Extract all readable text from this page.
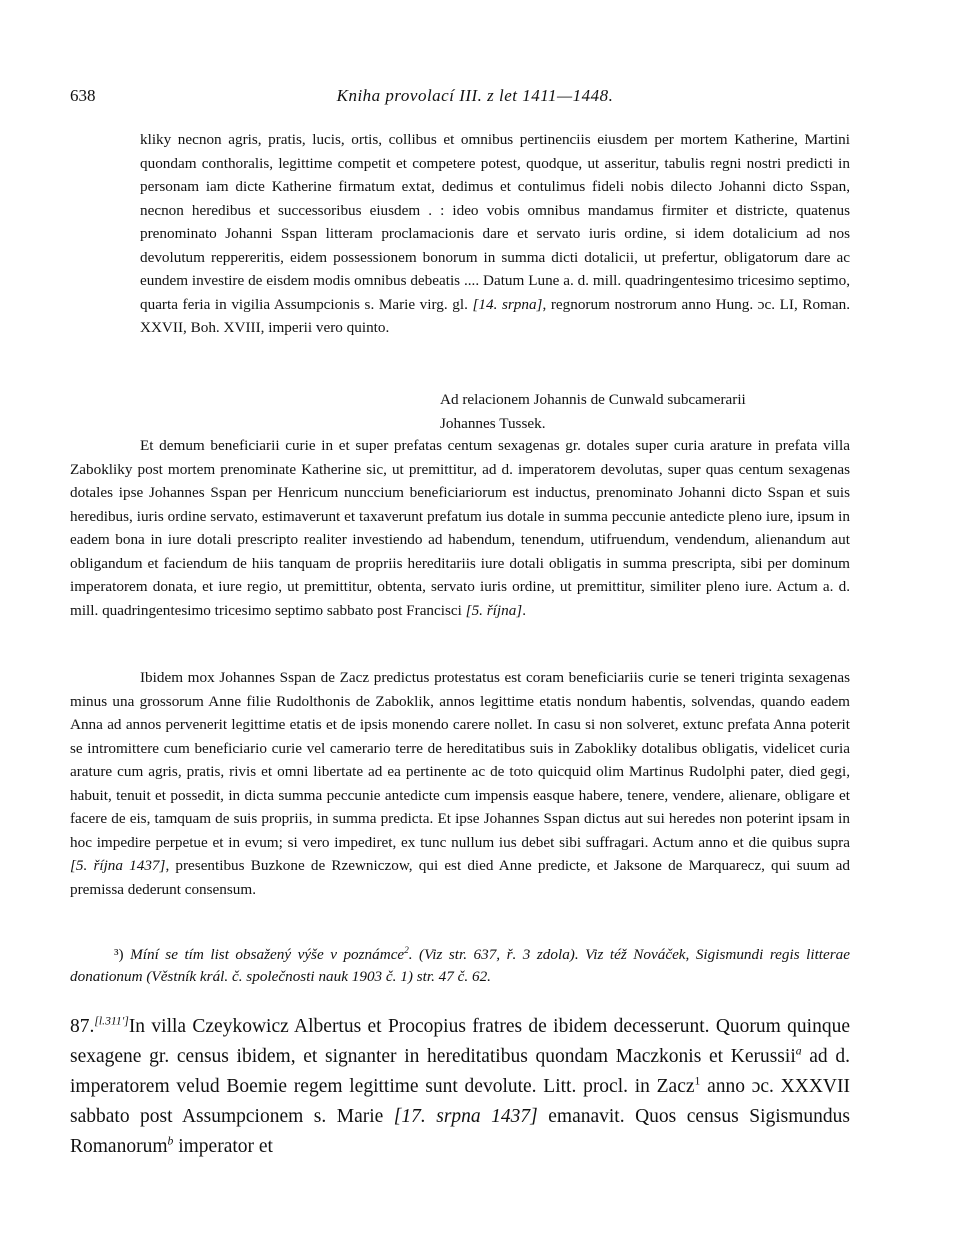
638	Kniha provolací III. z let 1411—1448.
kliky necnon agris, pratis, lucis, ortis, collibus et omnibus pertinenciis eiusdem per mortem Katherine, Martini quondam conthoralis, legittime competit et competere potest, quodque, ut asseritur, tabulis regni nostri predicti in personam iam dicte Katherine firmatum extat, dedimus et contulimus fideli nobis dilecto Johanni dicto Sspan, necnon heredibus et successoribus eiusdem . : ideo vobis omnibus mandamus firmiter et districte, quatenus prenominato Johanni Sspan litteram proclamacionis dare et servato iuris ordine, si idem dotalicium ad nos devolutum reppereritis, eidem possessionem bonorum in summa dicti dotalicii, ut prefertur, obligatorum dare ac eundem investire de eisdem modis omnibus debeatis .... Datum Lune a. d. mill. quadringentesimo tricesimo septimo, quarta feria in vigilia Assumpcionis s. Marie virg. gl. [14. srpna], regnorum nostrorum anno Hung. ɔc. LI, Roman. XXVII, Boh. XVIII, imperii vero quinto.
Ad relacionem Johannis de Cunwald subcamerarii
Johannes Tussek.
Et demum beneficiarii curie in et super prefatas centum sexagenas gr. dotales super curia arature in prefata villa Zabokliky post mortem prenominate Katherine sic, ut premittitur, ad d. imperatorem devolutas, super quas centum sexagenas dotales ipse Johannes Sspan per Henricum nunccium beneficiariorum est inductus, prenominato Johanni dicto Sspan et suis heredibus, iuris ordine servato, estimaverunt et taxaverunt prefatum ius dotale in summa peccunie antedicte pleno iure, ipsum in eadem bona in iure dotali prescripto realiter investiendo ad habendum, tenendum, utifruendum, vendendum, alienandum aut obligandum et faciendum de hiis tanquam de propriis hereditariis iure dotali obligatis in summa prescripta, sibi per dominum imperatorem donata, et iure regio, ut premittitur, obtenta, servato iuris ordine, ut premittitur, similiter pleno iure. Actum a. d. mill. quadringentesimo tricesimo septimo sabbato post Francisci [5. října].
Ibidem mox Johannes Sspan de Zacz predictus protestatus est coram beneficiariis curie se teneri triginta sexagenas minus una grossorum Anne filie Rudolthonis de Zaboklik, annos legittime etatis nondum habentis, solvendas, quando eadem Anna ad annos pervenerit legittime etatis et de ipsis monendo carere nollet. In casu si non solveret, extunc prefata Anna poterit se intromittere cum beneficiario curie vel camerario terre de hereditatibus suis in Zaboklikу dotalibus obligatis, videlicet curia arature cum agris, pratis, rivis et omni libertate ad ea pertinente ac de toto quicquid olim Martinus Rudolphi pater, died gegi, habuit, tenuit et possedit, in dicta summa peccunie antedicte cum impensis easque habere, tenere, vendere, alienare, obligare et facere de eis, tamquam de suis propriis, in summa predicta. Et ipse Johannes Sspan dictus aut sui heredes non poterint ipsam in hoc impedire perpetue et in evum; si vero impediret, ex tunc nullum ius debet sibi suffragari. Actum anno et die quibus supra [5. října 1437], presentibus Buzkone de Rzewniczow, qui est died Anne predicte, et Jaksone de Marquarecz, qui suum ad premissa dederunt consensum.
³) Míní se tím list obsažený výše v poznámce$^2$. (Viz str. 637, ř. 3 zdola). Viz též Nováček, Sigismundi regis litterae donationum (Věstník král. č. společnosti nauk 1903 č. 1) str. 47 č. 62.
87.[l.311']In villa Czeykowicz Albertus et Procopius fratres de ibidem decesserunt. Quorum quinque sexagene gr. census ibidem, et signanter in hereditatibus quondam Maczkonis et Kerussii$^a$ ad d. imperatorem velud Boemie regem legittime sunt devolute. Litt. procl. in Zacz$^1$ anno ɔc. XXXVII sabbato post Assumpcionem s. Marie [17. srpna 1437] emanavit. Quos census Sigismundus Romanorum$^b$ imperator et
